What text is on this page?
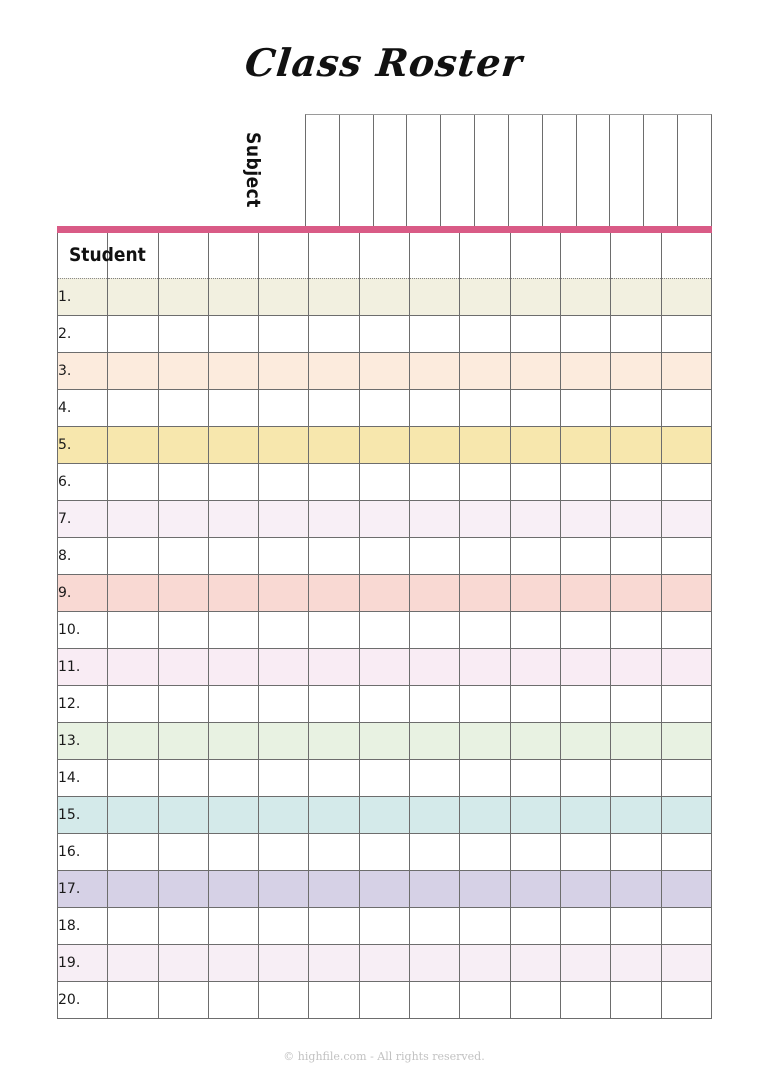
Class Roster
Subject
Student												
1.												
2.												
3.												
4.												
5.												
6.												
7.												
8.												
9.												
10.												
11.												
12.												
13.												
14.												
15.												
16.												
17.												
18.												
19.												
20.												
© highfile.com - All rights reserved.
